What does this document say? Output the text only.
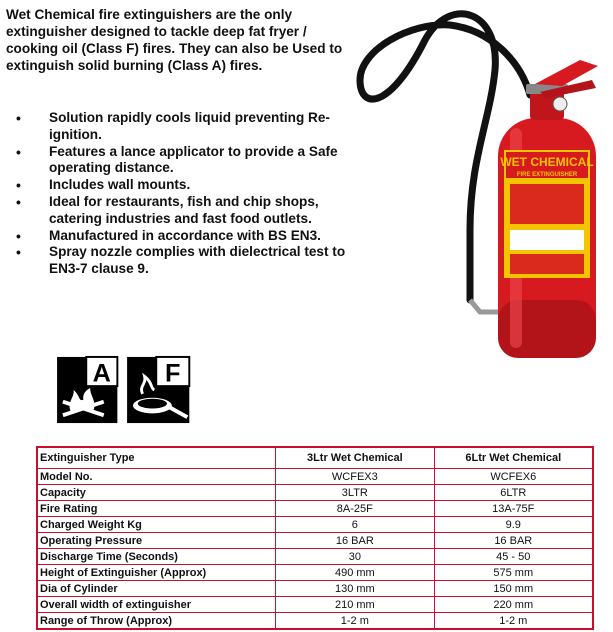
Wet Chemical fire extinguishers are the only extinguisher designed to tackle deep fat fryer / cooking oil (Class F) fires. They can also be Used to extinguish solid burning (Class A) fires.

• Solution rapidly cools liquid preventing Re-ignition.
• Features a lance applicator to provide a Safe operating distance.
• Includes wall mounts.
• Ideal for restaurants, fish and chip shops, catering industries and fast food outlets.
• Manufactured in accordance with BS EN3.
• Spray nozzle complies with dielectrical test to EN3-7 clause 9.
A F
WET CHEMICAL
FIRE EXTINGUISHER
Extinguisher Type	3Ltr Wet Chemical	6Ltr Wet Chemical
Model No.	WCFEX3	WCFEX6
Capacity	3LTR	6LTR
Fire Rating	8A-25F	13A-75F
Charged Weight Kg	6	9.9
Operating Pressure	16 BAR	16 BAR
Discharge Time (Seconds)	30	45 - 50
Height of Extinguisher (Approx)	490 mm	575 mm
Dia of Cylinder	130 mm	150 mm
Overall width of extinguisher	210 mm	220 mm
Range of Throw (Approx)	1-2 m	1-2 m
